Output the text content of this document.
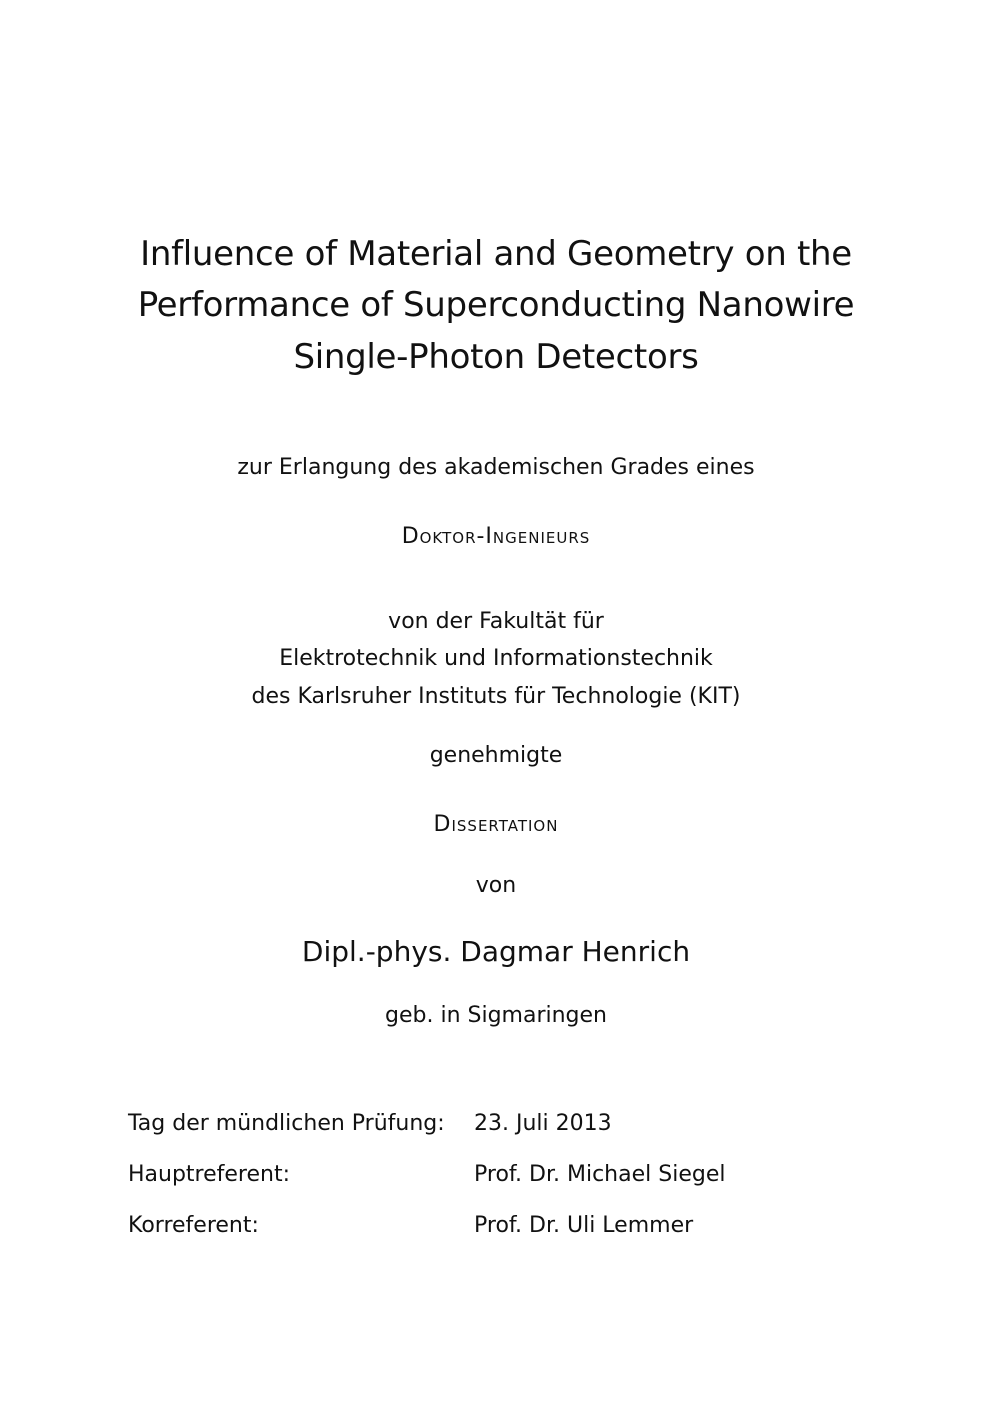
Influence of Material and Geometry on the
Performance of Superconducting Nanowire
Single-Photon Detectors
zur Erlangung des akademischen Grades eines
Doktor-Ingenieurs
von der Fakultät für
Elektrotechnik und Informationstechnik
des Karlsruher Instituts für Technologie (KIT)
genehmigte
Dissertation
von
Dipl.-phys. Dagmar Henrich
geb. in Sigmaringen
Tag der mündlichen Prüfung: 23. Juli 2013
Hauptreferent:	Prof. Dr. Michael Siegel
Korreferent:	Prof. Dr. Uli Lemmer
